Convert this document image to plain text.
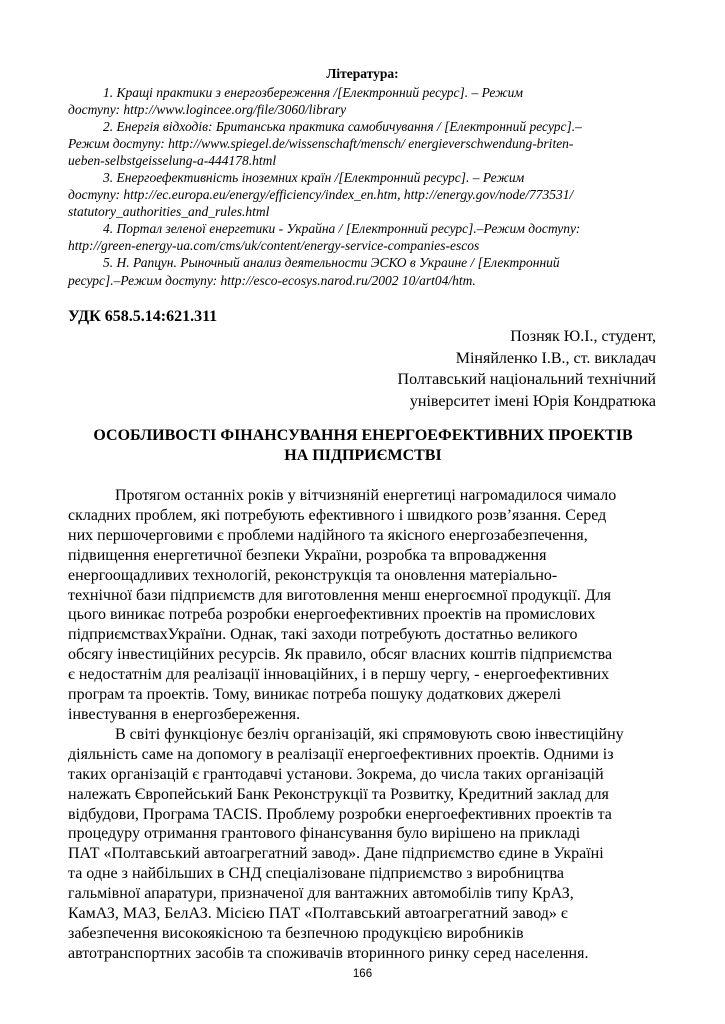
Література:
1. Кращі практики з енергозбереження /[Електронний ресурс]. – Режим
доступу: http://www.logincee.org/file/3060/library
2. Енергія відходів: Британська практика самобичування / [Електронний ресурс].–
Режим доступу: http://www.spiegel.de/wissenschaft/mensch/ energieverschwendung-briten-
ueben-selbstgeisselung-a-444178.html
3. Енергоефективність іноземних країн /[Електронний ресурс]. – Режим
доступу: http://ec.europa.eu/energy/efficiency/index_en.htm, http://energy.gov/node/773531/
statutory_authorities_and_rules.html
4. Портал зеленої енергетики - Украйна / [Електронний ресурс].–Режим доступу:
http://green-energy-ua.com/cms/uk/content/energy-service-companies-escos
5. Н. Рапцун. Рыночный анализ деятельности ЭСКО в Украине / [Електронний
ресурс].–Режим доступу: http://esco-ecosys.narod.ru/2002 10/art04/htm.
УДК 658.5.14:621.311
Позняк Ю.І., студент,
Міняйленко І.В., ст. викладач
Полтавський національний технічний
університет імені Юрія Кондратюка
ОСОБЛИВОСТІ ФІНАНСУВАННЯ ЕНЕРГОЕФЕКТИВНИХ ПРОЕКТІВ
НА ПІДПРИЄМСТВІ
Протягом останніх років у вітчизняній енергетиці нагромадилося чимало
складних проблем, які потребують ефективного і швидкого розв’язання. Серед
них першочерговими є проблеми надійного та якісного енергозабезпечення,
підвищення енергетичної безпеки України, розробка та впровадження
енергоощадливих технологій, реконструкція та оновлення матеріально-
технічної бази підприємств для виготовлення менш енергоємної продукції. Для
цього виникає потреба розробки енергоефективних проектів на промислових
підприємствахУкраїни. Однак, такі заходи потребують достатньо великого
обсягу інвестиційних ресурсів. Як правило, обсяг власних коштів підприємства
є недостатнім для реалізації інноваційних, і в першу чергу, - енергоефективних
програм та проектів. Тому, виникає потреба пошуку додаткових джерелі
інвестування в енергозбереження.
В світі функціонує безліч організацій, які спрямовують свою інвестиційну
діяльність саме на допомогу в реалізації енергоефективних проектів. Одними із
таких організацій є грантодавчі установи. Зокрема, до числа таких організацій
належать Європейський Банк Реконструкції та Розвитку, Кредитний заклад для
відбудови, Програма TACIS. Проблему розробки енергоефективних проектів та
процедуру отримання грантового фінансування було вирішено на прикладі
ПАТ «Полтавський автоагрегатний завод». Дане підприємство єдине в Україні
та одне з найбільших в СНД спеціалізоване підприємство з виробництва
гальмівної апаратури, призначеної для вантажних автомобілів типу КрАЗ,
КамАЗ, МАЗ, БелАЗ. Місією ПАТ «Полтавський автоагрегатний завод» є
забезпечення високоякісною та безпечною продукцією виробників
автотранспортних засобів та споживачів вторинного ринку серед населення.
166
